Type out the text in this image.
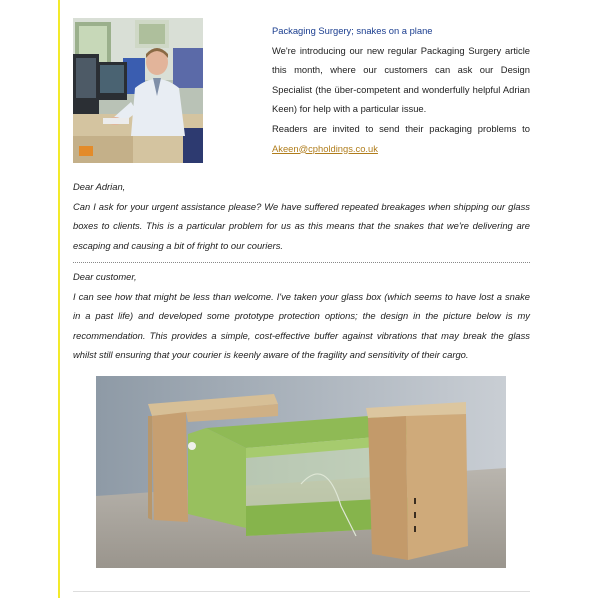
Packaging Surgery; snakes on a plane
We're introducing our new regular Packaging Surgery article this month, where our customers can ask our Design Specialist (the über-competent and wonderfully helpful Adrian Keen) for help with a particular issue.
Readers are invited to send their packaging problems to Akeen@cpholdings.co.uk
Dear Adrian,
Can I ask for your urgent assistance please? We have suffered repeated breakages when shipping our glass boxes to clients. This is a particular problem for us as this means that the snakes that we're delivering are escaping and causing a bit of fright to our couriers.
Dear customer,
I can see how that might be less than welcome. I've taken your glass box (which seems to have lost a snake in a past life) and developed some prototype protection options; the design in the picture below is my recommendation. This provides a simple, cost-effective buffer against vibrations that may break the glass whilst still ensuring that your courier is keenly aware of the fragility and sensitivity of their cargo.
